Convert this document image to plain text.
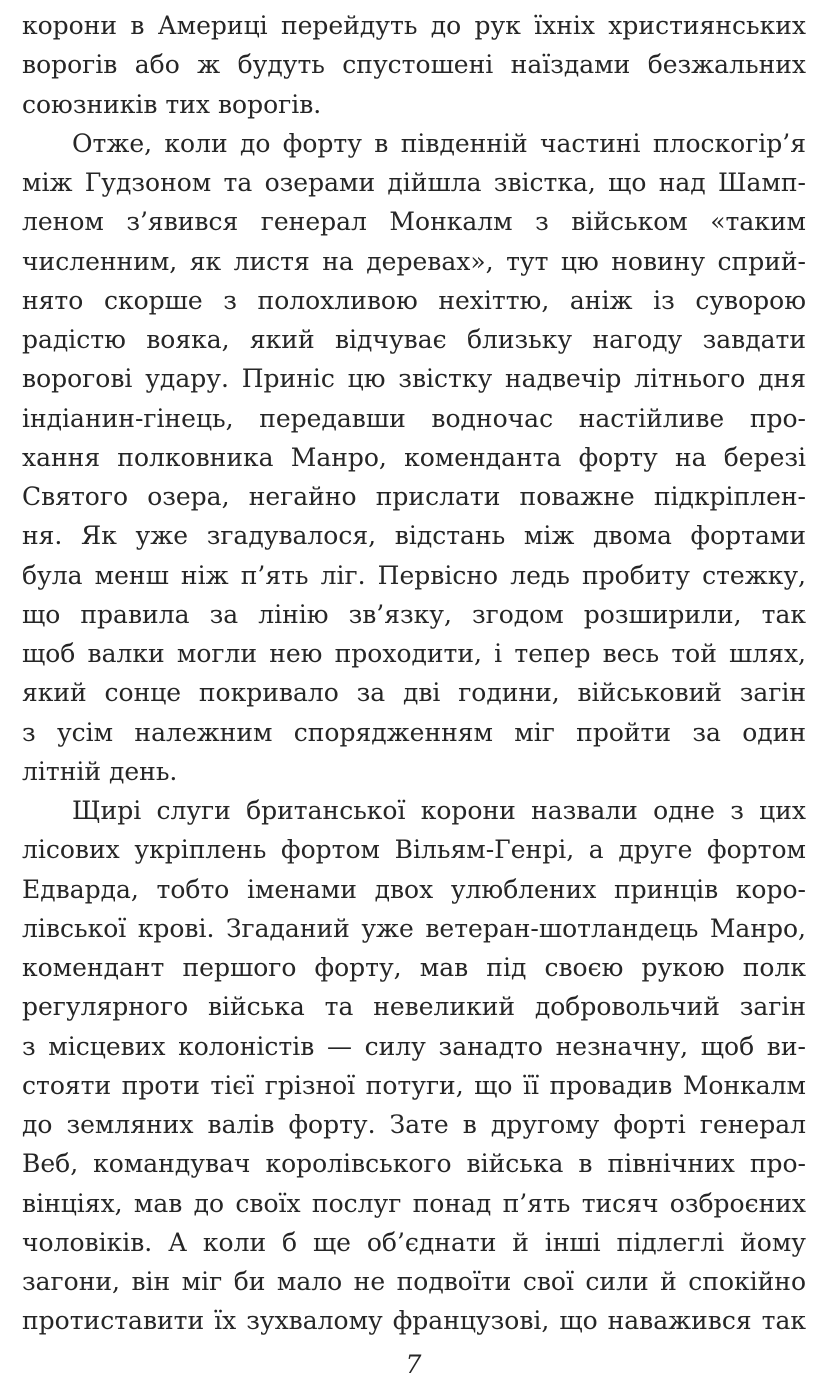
корони в Америці перейдуть до рук їхніх християнських
ворогів або ж будуть спустошені наїздами безжальних
союзників тих ворогів.
Отже, коли до форту в південній частині плоскогір’я
між Гудзоном та озерами дійшла звістка, що над Шамп-
леном з’явився генерал Монкалм з військом «таким
численним, як листя на деревах», тут цю новину сприй-
нято скорше з полохливою нехіттю, аніж із суворою
радістю вояка, який відчуває близьку нагоду завдати
ворогові удару. Приніс цю звістку надвечір літнього дня
індіанин-гінець, передавши водночас настійливе про-
хання полковника Манро, коменданта форту на березі
Святого озера, негайно прислати поважне підкріплен-
ня. Як уже згадувалося, відстань між двома фортами
була менш ніж п’ять ліг. Первісно ледь пробиту стежку,
що правила за лінію зв’язку, згодом розширили, так
щоб валки могли нею проходити, і тепер весь той шлях,
який сонце покривало за дві години, військовий загін
з усім належним спорядженням міг пройти за один
літній день.
Щирі слуги британської корони назвали одне з цих
лісових укріплень фортом Вільям-Генрі, а друге фортом
Едварда, тобто іменами двох улюблених принців коро-
лівської крові. Згаданий уже ветеран-шотландець Манро,
комендант першого форту, мав під своєю рукою полк
регулярного війська та невеликий добровольчий загін
з місцевих колоністів — силу занадто незначну, щоб ви-
стояти проти тієї грізної потуги, що її провадив Монкалм
до земляних валів форту. Зате в другому форті генерал
Веб, командувач королівського війська в північних про-
вінціях, мав до своїх послуг понад п’ять тисяч озброєних
чоловіків. А коли б ще об’єднати й інші підлеглі йому
загони, він міг би мало не подвоїти свої сили й спокійно
протиставити їх зухвалому французові, що наважився так
7
